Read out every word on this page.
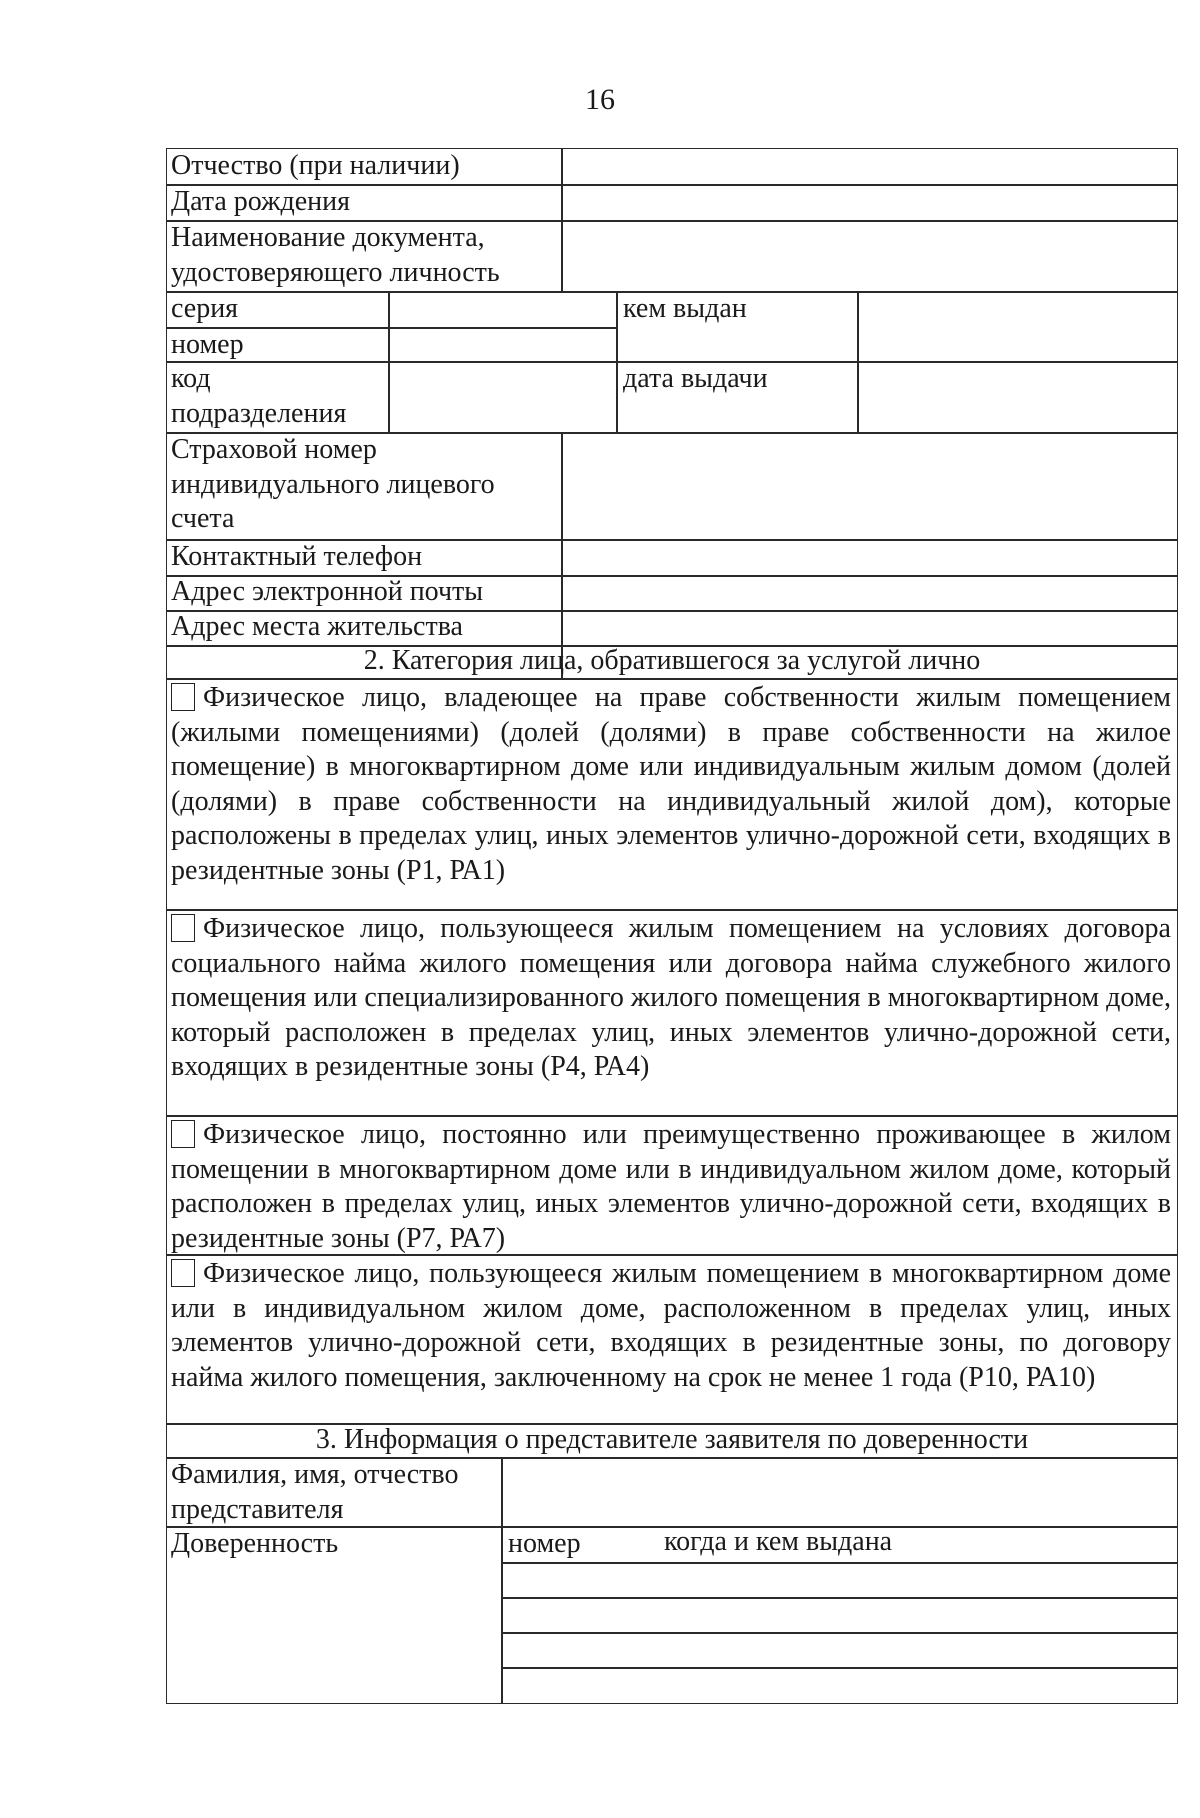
16
Отчество (при наличии)
Дата рождения
Наименование документа, удостоверяющего личность
серия
номер
кем выдан
код подразделения
дата выдачи
Страховой номер индивидуального лицевого счета
Контактный телефон
Адрес электронной почты
Адрес места жительства
2. Категория лица, обратившегося за услугой лично
Физическое лицо, владеющее на праве собственности жилым помещением (жилыми помещениями) (долей (долями) в праве собственности на жилое помещение) в многоквартирном доме или индивидуальным жилым домом (долей (долями) в праве собственности на индивидуальный жилой дом), которые расположены в пределах улиц, иных элементов улично-дорожной сети, входящих в резидентные зоны (Р1, РА1)
Физическое лицо, пользующееся жилым помещением на условиях договора социального найма жилого помещения или договора найма служебного жилого помещения или специализированного жилого помещения в многоквартирном доме, который расположен в пределах улиц, иных элементов улично-дорожной сети, входящих в резидентные зоны (Р4, РА4)
Физическое лицо, постоянно или преимущественно проживающее в жилом помещении в многоквартирном доме или в индивидуальном жилом доме, который расположен в пределах улиц, иных элементов улично-дорожной сети, входящих в резидентные зоны (Р7, РА7)
Физическое лицо, пользующееся жилым помещением в многоквартирном доме или в индивидуальном жилом доме, расположенном в пределах улиц, иных элементов улично-дорожной сети, входящих в резидентные зоны, по договору найма жилого помещения, заключенному на срок не менее 1 года (Р10, РА10)
3. Информация о представителе заявителя по доверенности
Фамилия, имя, отчество представителя
Доверенность	номер	когда и кем выдана
